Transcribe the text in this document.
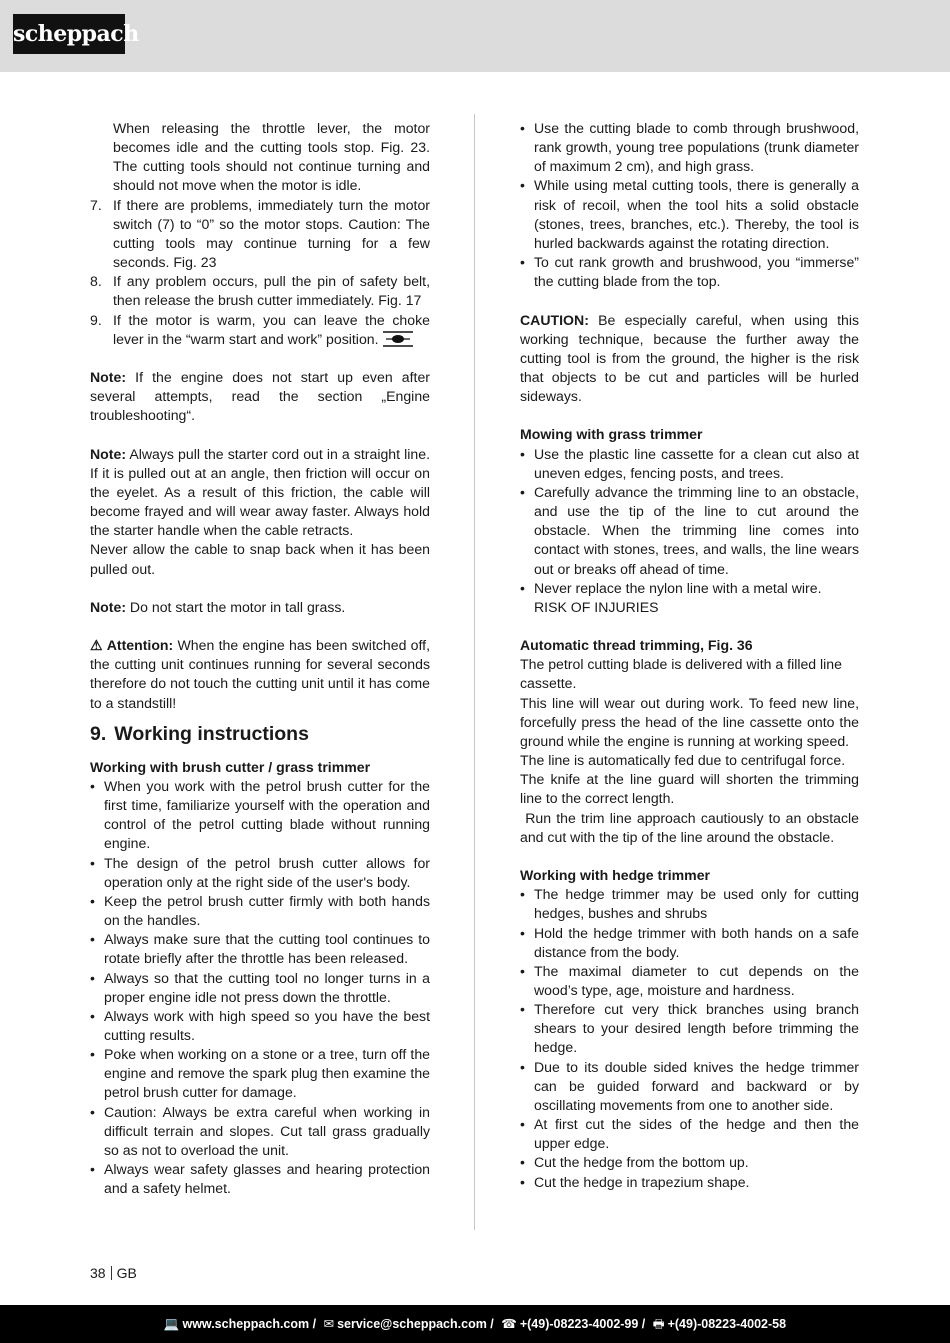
scheppach

When releasing the throttle lever, the motor becomes idle and the cutting tools stop. Fig. 23. The cutting tools should not continue turning and should not move when the motor is idle.

7. If there are problems, immediately turn the motor switch (7) to “0” so the motor stops. Caution: The cutting tools may continue turning for a few seconds. Fig. 23
8. If any problem occurs, pull the pin of safety belt, then release the brush cutter immediately. Fig. 17
9. If the motor is warm, you can leave the choke lever in the “warm start and work” position.

Note: If the engine does not start up even after several attempts, read the section „Engine troubleshooting“.

Note: Always pull the starter cord out in a straight line. If it is pulled out at an angle, then friction will occur on the eyelet. As a result of this friction, the cable will become frayed and will wear away faster. Always hold the starter handle when the cable retracts.

Never allow the cable to snap back when it has been pulled out.

Note: Do not start the motor in tall grass.

⚠ Attention: When the engine has been switched off, the cutting unit continues running for several seconds therefore do not touch the cutting unit until it has come to a standstill!

9. Working instructions

Working with brush cutter / grass trimmer

• When you work with the petrol brush cutter for the first time, familiarize yourself with the operation and control of the petrol cutting blade without running engine.
• The design of the petrol brush cutter allows for operation only at the right side of the user's body.
• Keep the petrol brush cutter firmly with both hands on the handles.
• Always make sure that the cutting tool continues to rotate briefly after the throttle has been released.
• Always so that the cutting tool no longer turns in a proper engine idle not press down the throttle.
• Always work with high speed so you have the best cutting results.
• Poke when working on a stone or a tree, turn off the engine and remove the spark plug then examine the petrol brush cutter for damage.
• Caution: Always be extra careful when working in difficult terrain and slopes. Cut tall grass gradually so as not to overload the unit.
• Always wear safety glasses and hearing protection and a safety helmet.
• Use the cutting blade to comb through brushwood, rank growth, young tree populations (trunk diameter of maximum 2 cm), and high grass.
• While using metal cutting tools, there is generally a risk of recoil, when the tool hits a solid obstacle (stones, trees, branches, etc.). Thereby, the tool is hurled backwards against the rotating direction.
• To cut rank growth and brushwood, you “immerse” the cutting blade from the top.

CAUTION: Be especially careful, when using this working technique, because the further away the cutting tool is from the ground, the higher is the risk that objects to be cut and particles will be hurled sideways.

Mowing with grass trimmer

• Use the plastic line cassette for a clean cut also at uneven edges, fencing posts, and trees.
• Carefully advance the trimming line to an obstacle, and use the tip of the line to cut around the obstacle. When the trimming line comes into contact with stones, trees, and walls, the line wears out or breaks off ahead of time.
• Never replace the nylon line with a metal wire.
RISK OF INJURIES

Automatic thread trimming, Fig. 36

The petrol cutting blade is delivered with a filled line cassette.

This line will wear out during work. To feed new line, forcefully press the head of the line cassette onto the ground while the engine is running at working speed.

The line is automatically fed due to centrifugal force.

The knife at the line guard will shorten the trimming line to the correct length.

Run the trim line approach cautiously to an obstacle and cut with the tip of the line around the obstacle.

Working with hedge trimmer

• The hedge trimmer may be used only for cutting hedges, bushes and shrubs
• Hold the hedge trimmer with both hands on a safe distance from the body.
• The maximal diameter to cut depends on the wood’s type, age, moisture and hardness.
• Therefore cut very thick branches using branch shears to your desired length before trimming the hedge.
• Due to its double sided knives the hedge trimmer can be guided forward and backward or by oscillating movements from one to another side.
• At first cut the sides of the hedge and then the upper edge.
• Cut the hedge from the bottom up.
• Cut the hedge in trapezium shape.
38 GB
💻 www.scheppach.com / ✉ service@scheppach.com / ☎ +(49)-08223-4002-99 / 🖶 +(49)-08223-4002-58
